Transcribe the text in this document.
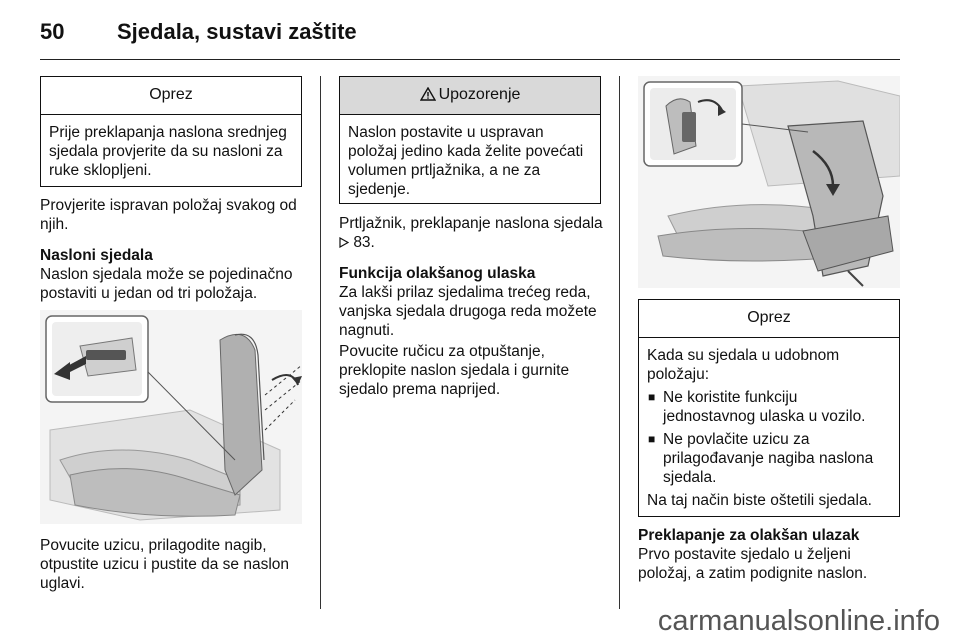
50 Sjedala, sustavi zaštite
Oprez
Prije preklapanja naslona srednjeg sjedala provjerite da su nasloni za ruke sklopljeni.

Provjerite ispravan položaj svakog od njih.

Nasloni sjedala

Naslon sjedala može se pojedinačno postaviti u jedan od tri položaja.

Povucite uzicu, prilagodite nagib, otpustite uzicu i pustite da se naslon uglavi.

Upozorenje
Naslon postavite u uspravan položaj jedino kada želite povećati volumen prtljažnika, a ne za sjedenje.

Prtljažnik, preklapanje naslona sjedala  83.

Funkcija olakšanog ulaska

Za lakši prilaz sjedalima trećeg reda, vanjska sjedala drugoga reda možete nagnuti.

Povucite ručicu za otpuštanje, preklopite naslon sjedala i gurnite sjedalo prema naprijed.

Oprez
Kada su sjedala u udobnom položaju:
■ Ne koristite funkciju jednostavnog ulaska u vozilo.
■ Ne povlačite uzicu za prilagođavanje nagiba naslona sjedala.
Na taj način biste oštetili sjedala.

Preklapanje za olakšan ulazak

Prvo postavite sjedalo u željeni položaj, a zatim podignite naslon.

carmanualsonline.info
